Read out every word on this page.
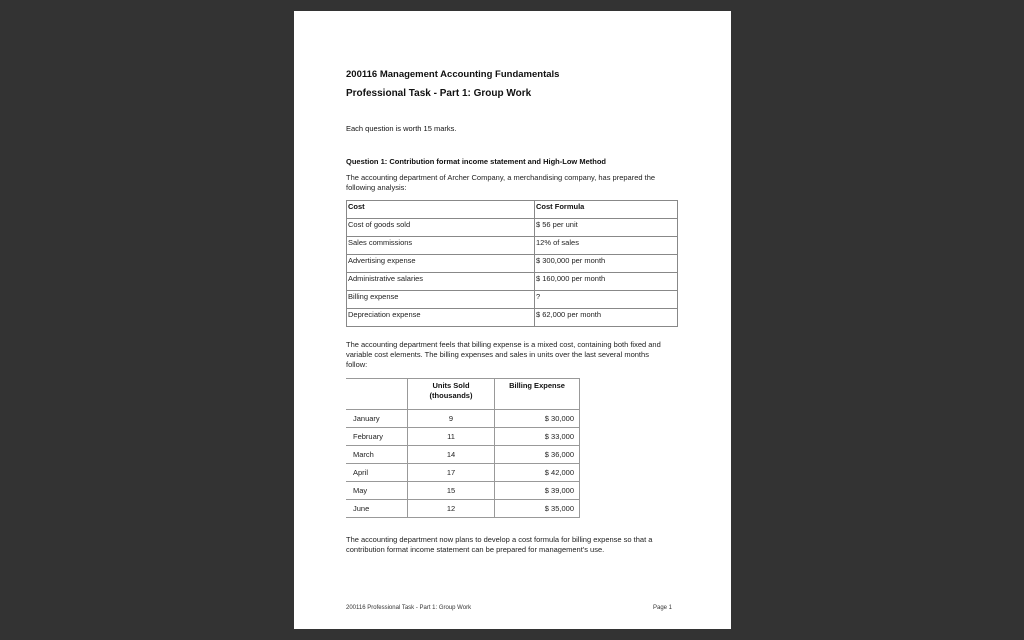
200116 Management Accounting Fundamentals
Professional Task - Part 1: Group Work
Each question is worth 15 marks.
Question 1: Contribution format income statement and High-Low Method
The accounting department of Archer Company, a merchandising company, has prepared the following analysis:
Cost	Cost Formula
Cost of goods sold	$ 56 per unit
Sales commissions	12% of sales
Advertising expense	$ 300,000 per month
Administrative salaries	$ 160,000 per month
Billing expense	?
Depreciation expense	$ 62,000 per month
The accounting department feels that billing expense is a mixed cost, containing both fixed and variable cost elements. The billing expenses and sales in units over the last several months follow:
	Units Sold (thousands)	Billing Expense
January	9	$ 30,000
February	11	$ 33,000
March	14	$ 36,000
April	17	$ 42,000
May	15	$ 39,000
June	12	$ 35,000
The accounting department now plans to develop a cost formula for billing expense so that a contribution format income statement can be prepared for management's use.
200116 Professional Task - Part 1: Group Work	Page 1
